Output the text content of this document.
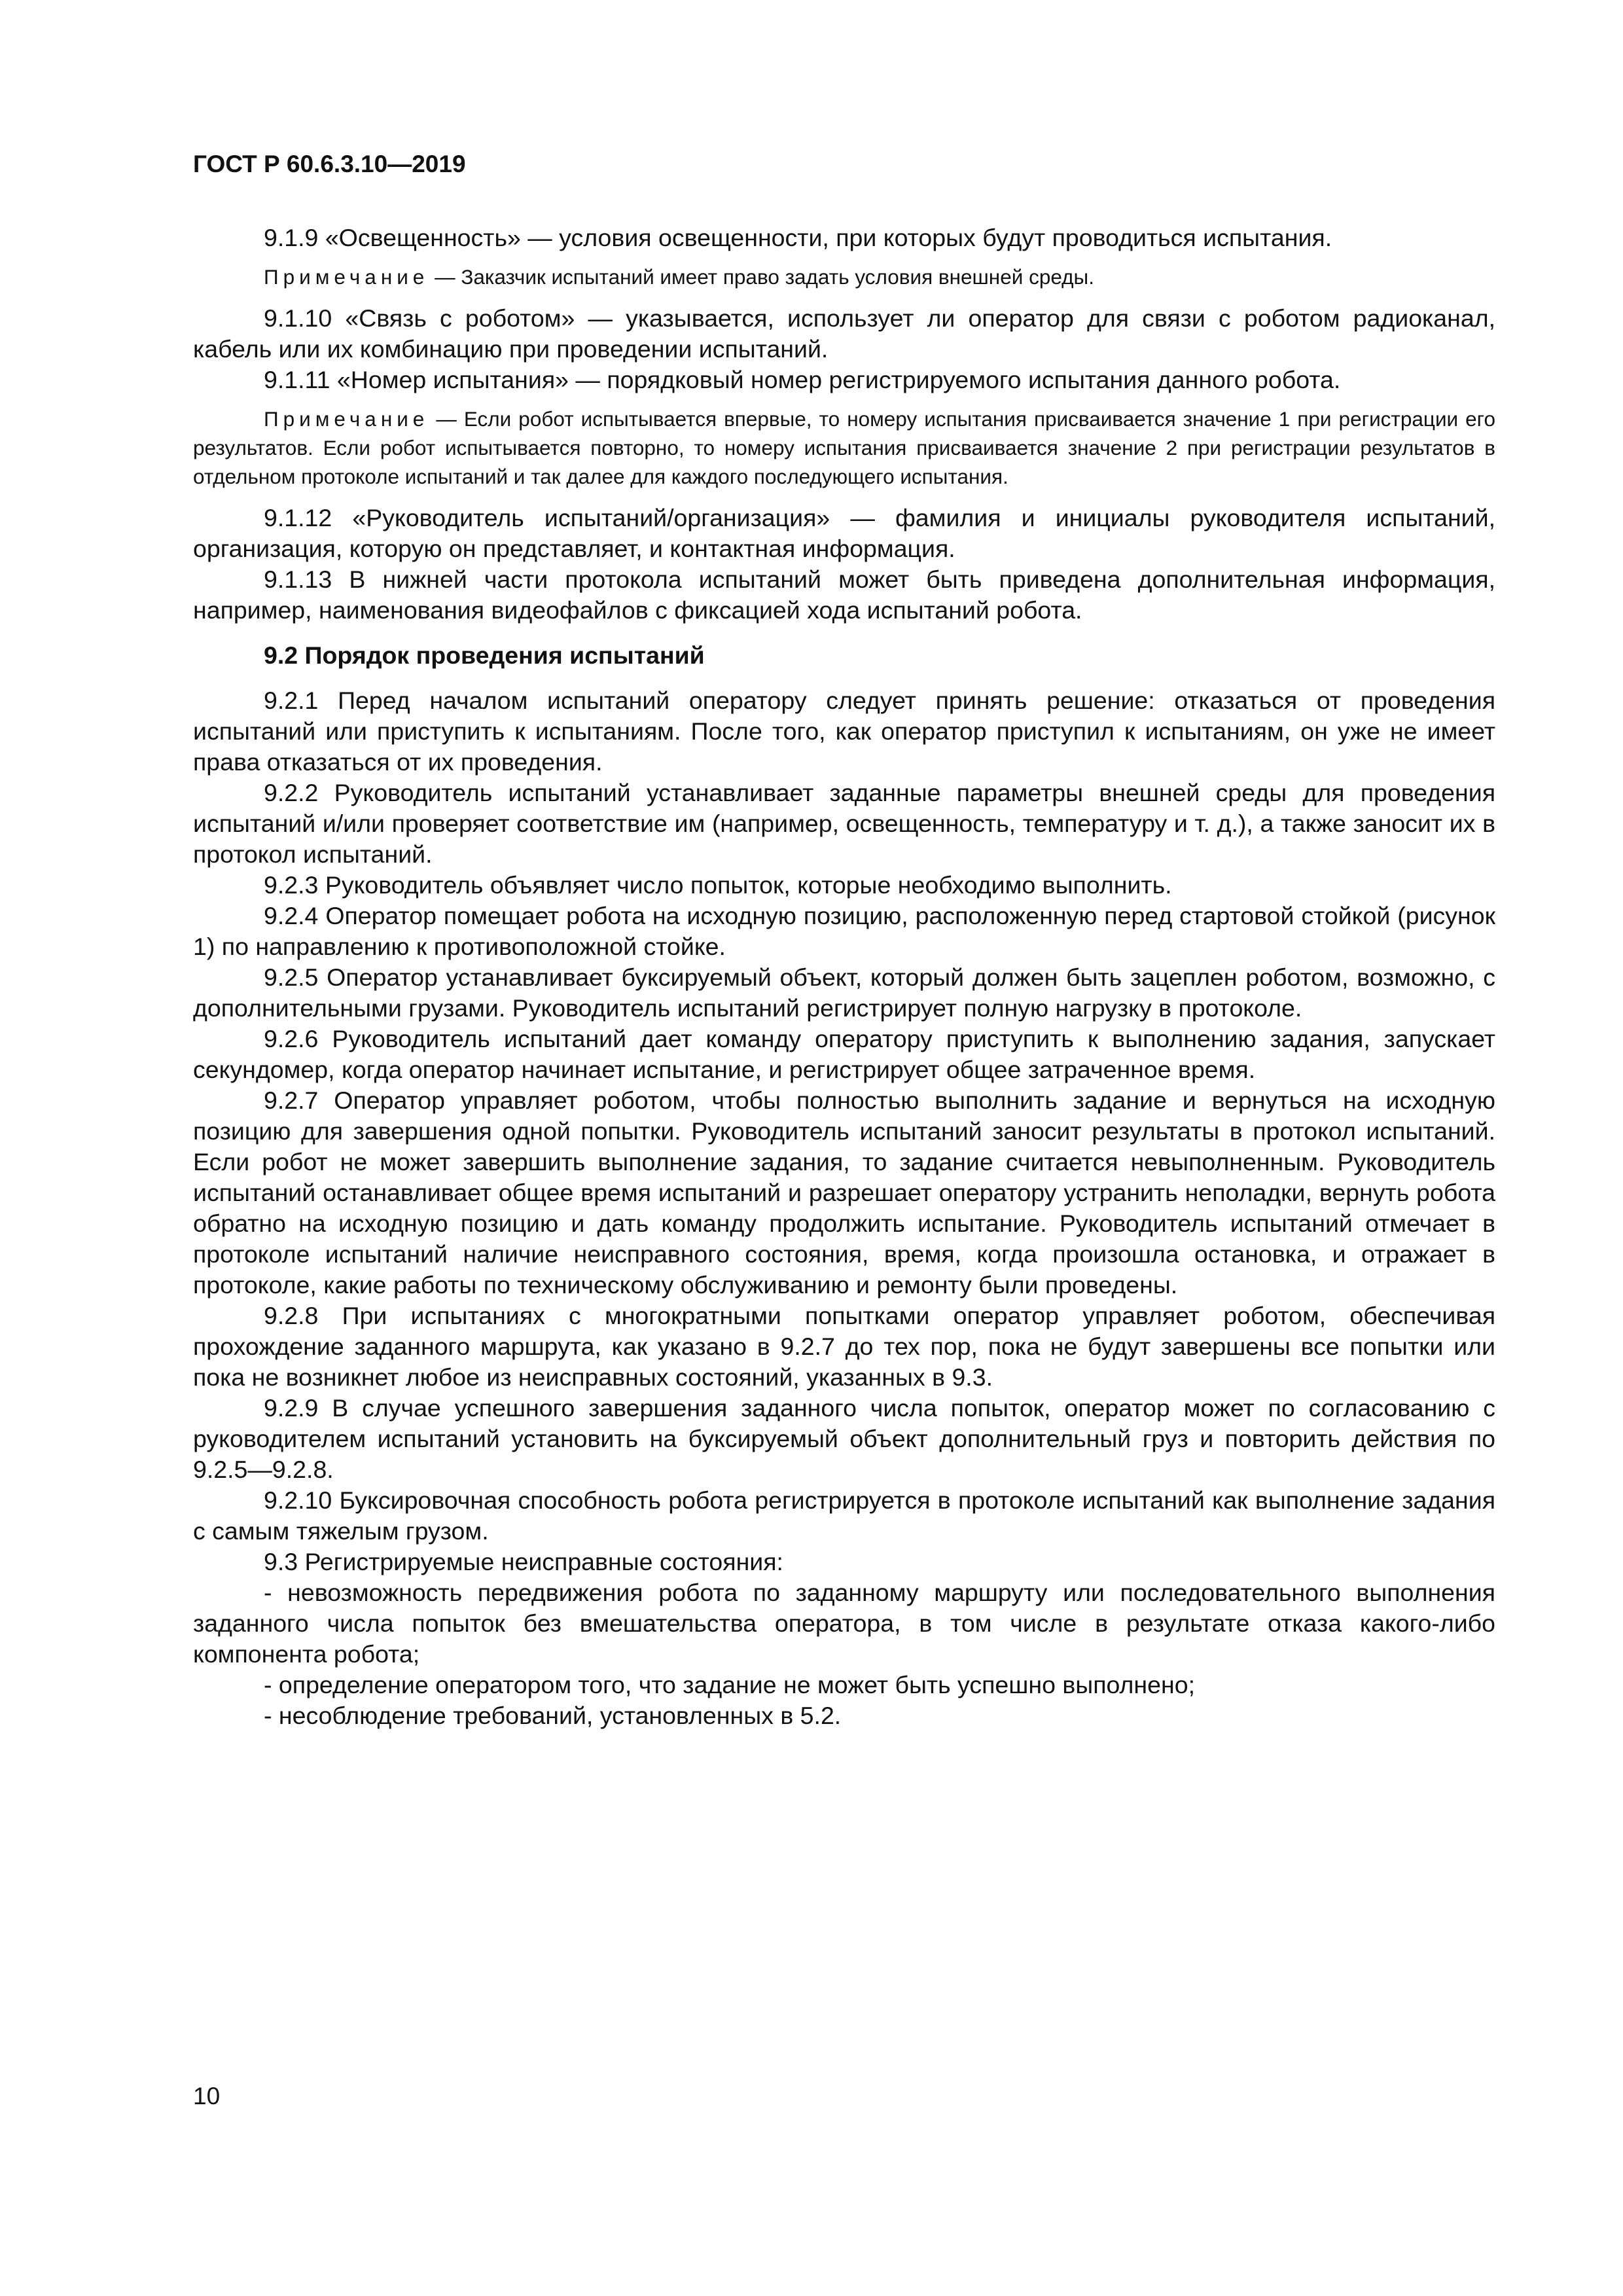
ГОСТ Р 60.6.3.10—2019

9.1.9 «Освещенность» — условия освещенности, при которых будут проводиться испытания.

Примечание — Заказчик испытаний имеет право задать условия внешней среды.

9.1.10 «Связь с роботом» — указывается, использует ли оператор для связи с роботом радиоканал, кабель или их комбинацию при проведении испытаний.

9.1.11 «Номер испытания» — порядковый номер регистрируемого испытания данного робота.

Примечание — Если робот испытывается впервые, то номеру испытания присваивается значение 1 при регистрации его результатов. Если робот испытывается повторно, то номеру испытания присваивается значение 2 при регистрации результатов в отдельном протоколе испытаний и так далее для каждого последующего испытания.

9.1.12 «Руководитель испытаний/организация» — фамилия и инициалы руководителя испытаний, организация, которую он представляет, и контактная информация.

9.1.13 В нижней части протокола испытаний может быть приведена дополнительная информация, например, наименования видеофайлов с фиксацией хода испытаний робота.

9.2 Порядок проведения испытаний

9.2.1 Перед началом испытаний оператору следует принять решение: отказаться от проведения испытаний или приступить к испытаниям. После того, как оператор приступил к испытаниям, он уже не имеет права отказаться от их проведения.

9.2.2 Руководитель испытаний устанавливает заданные параметры внешней среды для проведения испытаний и/или проверяет соответствие им (например, освещенность, температуру и т. д.), а также заносит их в протокол испытаний.

9.2.3 Руководитель объявляет число попыток, которые необходимо выполнить.

9.2.4 Оператор помещает робота на исходную позицию, расположенную перед стартовой стойкой (рисунок 1) по направлению к противоположной стойке.

9.2.5 Оператор устанавливает буксируемый объект, который должен быть зацеплен роботом, возможно, с дополнительными грузами. Руководитель испытаний регистрирует полную нагрузку в протоколе.

9.2.6 Руководитель испытаний дает команду оператору приступить к выполнению задания, запускает секундомер, когда оператор начинает испытание, и регистрирует общее затраченное время.

9.2.7 Оператор управляет роботом, чтобы полностью выполнить задание и вернуться на исходную позицию для завершения одной попытки. Руководитель испытаний заносит результаты в протокол испытаний. Если робот не может завершить выполнение задания, то задание считается невыполненным. Руководитель испытаний останавливает общее время испытаний и разрешает оператору устранить неполадки, вернуть робота обратно на исходную позицию и дать команду продолжить испытание. Руководитель испытаний отмечает в протоколе испытаний наличие неисправного состояния, время, когда произошла остановка, и отражает в протоколе, какие работы по техническому обслуживанию и ремонту были проведены.

9.2.8 При испытаниях с многократными попытками оператор управляет роботом, обеспечивая прохождение заданного маршрута, как указано в 9.2.7 до тех пор, пока не будут завершены все попытки или пока не возникнет любое из неисправных состояний, указанных в 9.3.

9.2.9 В случае успешного завершения заданного числа попыток, оператор может по согласованию с руководителем испытаний установить на буксируемый объект дополнительный груз и повторить действия по 9.2.5—9.2.8.

9.2.10 Буксировочная способность робота регистрируется в протоколе испытаний как выполнение задания с самым тяжелым грузом.

9.3 Регистрируемые неисправные состояния:

- невозможность передвижения робота по заданному маршруту или последовательного выполнения заданного числа попыток без вмешательства оператора, в том числе в результате отказа какого-либо компонента робота;

- определение оператором того, что задание не может быть успешно выполнено;

- несоблюдение требований, установленных в 5.2.

10
